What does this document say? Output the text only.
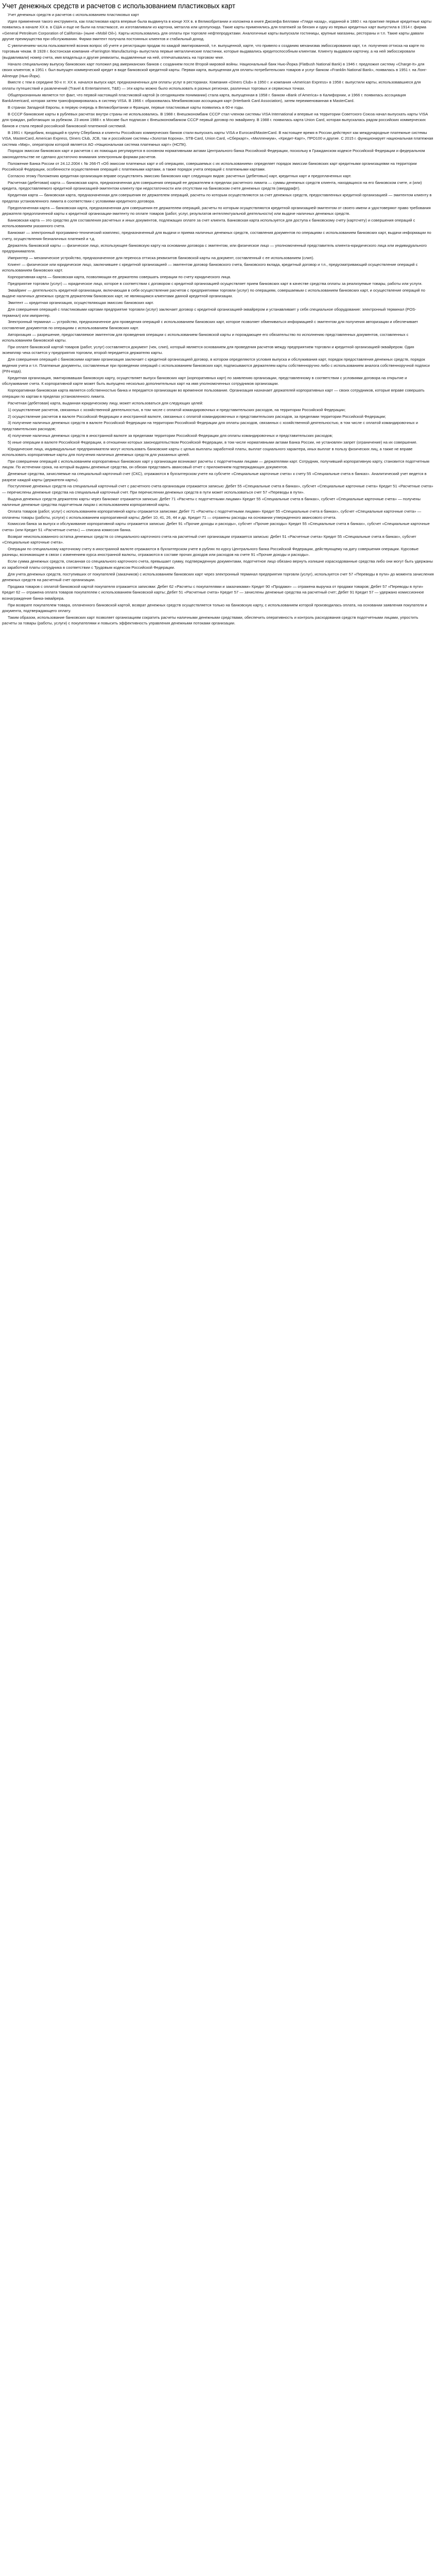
Учет денежных средств и расчетов с использованием пластиковых карт

Учет денежных средств и расчетов с использованием пластиковых карт

Идея применения такого инструмента, как пластиковая карта впервые была выдвинута в конце XIX в. в Великобритании и изложена в книге Джозефа Беллами «Глядя назад», изданной в 1880 г. на практике первые кредитные карты появились в начале XX в. в США и еще не были на пластмассе, их изготавливали из картона, металла или целлулоида. Такие карты применялись для платежей за бензин и одну из первых кредитных карт выпустила в 1914 г. фирма «General Petroleum Corporation of California» (ныне «Mobil Oil»). Карты использовались для оплаты при торговле нефтепродуктами. Аналогичные карты выпускали гостиницы, крупные магазины, рестораны и т.п. Такие карты давали другие преимущества при обслуживании. Фирма-эмитент получала постоянных клиентов и стабильный доход.

С увеличением числа пользователей возник вопрос об учете и регистрации продаж по каждой эмитированной, т.е. выпущенной, карте, что привело к созданию механизма эмбоссирования карт, т.е. получения оттиска на карте по торговым чекам. В 1928 г. Бостонская компания «Farrington Manufacturing» выпустила первые металлические пластинки, которые выдавались кредитоспособным клиентам. Клиенту выдавали карточку, а на ней эмбоссировали (выдавливали) номер счета, имя владельца и другие реквизиты, выдавленные на ней, отпечатывались на торговом чеке.

Начало специальному выпуску банковских карт положил ряд американских банков с созданием после Второй мировой войны. Национальный банк Нью-Йорка (Flatbush National Bank) в 1946 г. предложил систему «Charge-It» для своих клиентов; в 1951 г. был выпущен коммерческий кредит в виде банковской кредитной карты. Первая карта, выпущенная для оплаты потребительских товаров и услуг банком «Franklin National Bank», появилась в 1951 г. на Лонг-Айленде (Нью-Йорк).

Вместе с тем в середине 50-х гг. XX в. начался выпуск карт, предназначенных для оплаты услуг в ресторанах. Компания «Diners Club» в 1950 г. и компания «American Express» в 1958 г. выпустили карты, использовавшиеся для оплаты путешествий и развлечений (Travel & Entertainment, T&E) — эти карты можно было использовать в разных регионах, различных торговых и сервисных точках.

Общепризнанным является тот факт, что первой настоящей пластиковой картой (в сегодняшнем понимании) стала карта, выпущенная в 1958 г. банком «Bank of America» в Калифорнии, и 1966 г. появилась ассоциация BankAmericard, которая затем трансформировалась в систему VISA. В 1966 г. образовалась Межбанковская ассоциация карт (Interbank Card Association), затем переименованная в MasterCard.

В странах Западной Европы, в первую очередь в Великобритании и Франции, первые пластиковые карты появились в 60-е годы.

В СССР банковские карты в рублевых расчетах внутри страны не использовались. В 1988 г. Внешэкономбанк СССР стал членом системы VISA International и впервые на территории Советского Союза начал выпускать карты VISA для граждан, работающих за рубежом. 23 июня 1988 г. в Москве был подписан с Внешэкономбанком СССР первый договор по эквайрингу. В 1988 г. появилась карта Union Card, которая выпускалась рядом российских коммерческих банков и стала первой российской банковской платежной системой.

В 1991 г. Кредобанк, входящий в группу Сбербанка и клиенты Российских коммерческих банков стали выпускать карты VISA и Eurocard/MasterCard. В настоящее время в России действуют как международные платежные системы VISA, MasterCard, American Express, Diners Club, JCB, так и российские системы «Золотая Корона», STB-Card, Union Card, «Сберкарт», «Миллениум», «Кредит-Карт», ПРО100 и другие. С 2015 г. функционирует национальная платежная система «Мир», оператором которой является АО «Национальная система платежных карт» (НСПК).

Порядок эмиссии банковских карт и расчетов с их помощью регулируется в основном нормативными актами Центрального банка Российской Федерации, поскольку в Гражданском кодексе Российской Федерации и федеральном законодательстве не сделано достаточно внимания электронным формам расчетов.

Положение Банка России от 24.12.2004 г. № 266-П «Об эмиссии платежных карт и об операциях, совершаемых с их использованием» определяет порядок эмиссии банковских карт кредитными организациями на территории Российской Федерации, особенности осуществления операций с платежными картами, а также порядок учета операций с платежными картами.

Согласно этому Положению кредитная организация вправе осуществлять эмиссию банковских карт следующих видов: расчетных (дебетовых) карт, кредитных карт и предоплаченных карт.

Расчетная (дебетовая) карта — банковская карта, предназначенная для совершения операций ее держателем в пределах расчетного лимита — суммы денежных средств клиента, находящихся на его банковском счете, и (или) кредита, предоставляемого кредитной организацией-эмитентом клиенту при недостаточности или отсутствии на банковском счете денежных средств (овердрафт).

Кредитная карта — банковская карта, предназначенная для совершения ее держателем операций, расчеты по которым осуществляются за счет денежных средств, предоставленных кредитной организацией — эмитентом клиенту в пределах установленного лимита в соответствии с условиями кредитного договора.

Предоплаченная карта — банковская карта, предназначенная для совершения ее держателем операций, расчеты по которым осуществляются кредитной организацией-эмитентом от своего имени и удостоверяют право требования держателя предоплаченной карты к кредитной организации-эмитенту по оплате товаров (работ, услуг, результатов интеллектуальной деятельности) или выдаче наличных денежных средств.

Банковская карта — это средство для составления расчетных и иных документов, подлежащих оплате за счет клиента. Банковская карта используется для доступа к банковскому счету (картсчету) и совершения операций с использованием указанного счета.

Банкомат — электронный программно-технический комплекс, предназначенный для выдачи и приема наличных денежных средств, составления документов по операциям с использованием банковских карт, выдачи информации по счету, осуществления безналичных платежей и т.д.

Держатель банковской карты — физическое лицо, использующее банковскую карту на основании договора с эмитентом, или физическое лицо — уполномоченный представитель клиента-юридического лица или индивидуального предпринимателя.

Импринтер — механическое устройство, предназначенное для переноса оттиска реквизитов банковской карты на документ, составленный с ее использованием (слип).

Клиент — физическое или юридическое лицо, заключившее с кредитной организацией — эмитентом договор банковского счета, банковского вклада, кредитный договор и т.п., предусматривающий осуществление операций с использованием банковских карт.

Корпоративная карта — банковская карта, позволяющая ее держателю совершать операции по счету юридического лица.

Предприятие торговли (услуг) — юридическое лицо, которое в соответствии с договором с кредитной организацией осуществляет прием банковских карт в качестве средства оплаты за реализуемые товары, работы или услуги.

Эквайринг — деятельность кредитной организации, включающая в себя осуществление расчетов с предприятиями торговли (услуг) по операциям, совершаемым с использованием банковских карт, и осуществление операций по выдаче наличных денежных средств держателям банковских карт, не являющимся клиентами данной кредитной организации.

Эмитент — кредитная организация, осуществляющая эмиссию банковских карт.

Для совершения операций с пластиковыми картами предприятие торговли (услуг) заключает договор с кредитной организацией-эквайрером и устанавливает у себя специальное оборудование: электронный терминал (POS-терминал) или импринтер.

Электронный терминал — устройство, предназначенное для проведения операций с использованием банковских карт, которое позволяет обмениваться информацией с эмитентом для получения авторизации и обеспечивает составление документов по операциям с использованием банковских карт.

Авторизация — разрешение, предоставляемое эмитентом для проведения операции с использованием банковской карты и порождающее его обязательство по исполнению представленных документов, составленных с использованием банковской карты.

При оплате банковской картой товаров (работ, услуг) составляется документ (чек, слип), который является основанием для проведения расчетов между предприятием торговли и кредитной организацией-эквайрером. Один экземпляр чека остается у предприятия торговли, второй передается держателю карты.

Для совершения операций с банковскими картами организация заключает с кредитной организацией договор, в котором определяются условия выпуска и обслуживания карт, порядок предоставления денежных средств, порядок ведения учета и т.п. Платежные документы, составленные при проведении операций с использованием банковских карт, подписываются держателем карты собственноручно либо с использованием аналога собственноручной подписи (PIN-кода).

Кредитная организация, эмитировавшая банковскую карту, осуществляет выпуск банковских карт (корпоративных карт) по заявлению организации, представленному в соответствии с условиями договора на открытие и обслуживание счета. К корпоративной карте может быть выпущено несколько дополнительных карт на имя уполномоченных сотрудников организации.

Корпоративная банковская карта является собственностью банка и передается организации во временное пользование. Организация назначает держателей корпоративных карт — своих сотрудников, которые вправе совершать операции по картам в пределах установленного лимита.

Расчетная (дебетовая) карта, выданная юридическому лицу, может использоваться для следующих целей:

1) осуществление расчетов, связанных с хозяйственной деятельностью, в том числе с оплатой командировочных и представительских расходов, на территории Российской Федерации;

2) осуществление расчетов в валюте Российской Федерации и иностранной валюте, связанных с оплатой командировочных и представительских расходов, за пределами территории Российской Федерации;

3) получение наличных денежных средств в валюте Российской Федерации на территории Российской Федерации для оплаты расходов, связанных с хозяйственной деятельностью, в том числе с оплатой командировочных и представительских расходов;

4) получение наличных денежных средств в иностранной валюте за пределами территории Российской Федерации для оплаты командировочных и представительских расходов;

5) иные операции в валюте Российской Федерации, в отношении которых законодательством Российской Федерации, в том числе нормативными актами Банка России, не установлен запрет (ограничение) на их совершение.

Юридические лица, индивидуальные предприниматели могут использовать банковские карты с целью выплаты заработной платы, выплат социального характера, иных выплат в пользу физических лиц, а также не вправе использовать корпоративные карты для получения наличных денежных средств для указанных целей.

При совершении операций с использованием корпоративных банковских карт у организации возникают расчеты с подотчетными лицами — держателями карт. Сотрудник, получивший корпоративную карту, становится подотчетным лицом. По истечении срока, на который выданы денежные средства, он обязан представить авансовый отчет с приложением подтверждающих документов.

Денежные средства, зачисляемые на специальный карточный счет (СКС), отражаются в бухгалтерском учете на субсчете «Специальные карточные счета» к счету 55 «Специальные счета в банках». Аналитический учет ведется в разрезе каждой карты (держателя карты).

Поступление денежных средств на специальный карточный счет с расчетного счета организации отражается записью: Дебет 55 «Специальные счета в банках», субсчет «Специальные карточные счета» Кредит 51 «Расчетные счета» — перечислены денежные средства на специальный карточный счет. При перечислении денежных средств в пути может использоваться счет 57 «Переводы в пути».

Выдача денежных средств держателю карты через банкомат отражается записью: Дебет 71 «Расчеты с подотчетными лицами» Кредит 55 «Специальные счета в банках», субсчет «Специальные карточные счета» — получены наличные денежные средства подотчетным лицом с использованием корпоративной карты.

Оплата товаров (работ, услуг) с использованием корпоративной карты отражается записями: Дебет 71 «Расчеты с подотчетными лицами» Кредит 55 «Специальные счета в банках», субсчет «Специальные карточные счета» — оплачены товары (работы, услуги) с использованием корпоративной карты; Дебет 10, 41, 26, 44 и др. Кредит 71 — отражены расходы на основании утвержденного авансового отчета.

Комиссия банка за выпуск и обслуживание корпоративной карты отражается записью: Дебет 91 «Прочие доходы и расходы», субсчет «Прочие расходы» Кредит 55 «Специальные счета в банках», субсчет «Специальные карточные счета» (или Кредит 51 «Расчетные счета») — списана комиссия банка.

Возврат неиспользованного остатка денежных средств со специального карточного счета на расчетный счет организации отражается записью: Дебет 51 «Расчетные счета» Кредит 55 «Специальные счета в банках», субсчет «Специальные карточные счета».

Операции по специальному карточному счету в иностранной валюте отражаются в бухгалтерском учете в рублях по курсу Центрального банка Российской Федерации, действующему на дату совершения операции. Курсовые разницы, возникающие в связи с изменением курса иностранной валюты, отражаются в составе прочих доходов или расходов на счете 91 «Прочие доходы и расходы».

Если сумма денежных средств, списанная со специального карточного счета, превышает сумму, подтвержденную документами, подотчетное лицо обязано вернуть излишне израсходованные средства либо они могут быть удержаны из заработной платы сотрудника в соответствии с Трудовым кодексом Российской Федерации.

Для учета денежных средств, поступивших от покупателей (заказчиков) с использованием банковских карт через электронный терминал предприятия торговли (услуг), используется счет 57 «Переводы в пути» до момента зачисления денежных средств на расчетный счет организации.

Продажа товаров с оплатой банковской картой покупателя отражается записями: Дебет 62 «Расчеты с покупателями и заказчиками» Кредит 90 «Продажи» — отражена выручка от продажи товаров; Дебет 57 «Переводы в пути» Кредит 62 — отражена оплата товаров покупателем с использованием банковской карты; Дебет 51 «Расчетные счета» Кредит 57 — зачислены денежные средства на расчетный счет; Дебет 91 Кредит 57 — удержано комиссионное вознаграждение банка-эквайрера.

При возврате покупателем товара, оплаченного банковской картой, возврат денежных средств осуществляется только на банковскую карту, с использованием которой производилась оплата, на основании заявления покупателя и документа, подтверждающего оплату.

Таким образом, использование банковских карт позволяет организациям сократить расчеты наличными денежными средствами, обеспечить оперативность и контроль расходования средств подотчетными лицами, упростить расчеты за товары (работы, услуги) с покупателями и повысить эффективность управления денежными потоками организации.
